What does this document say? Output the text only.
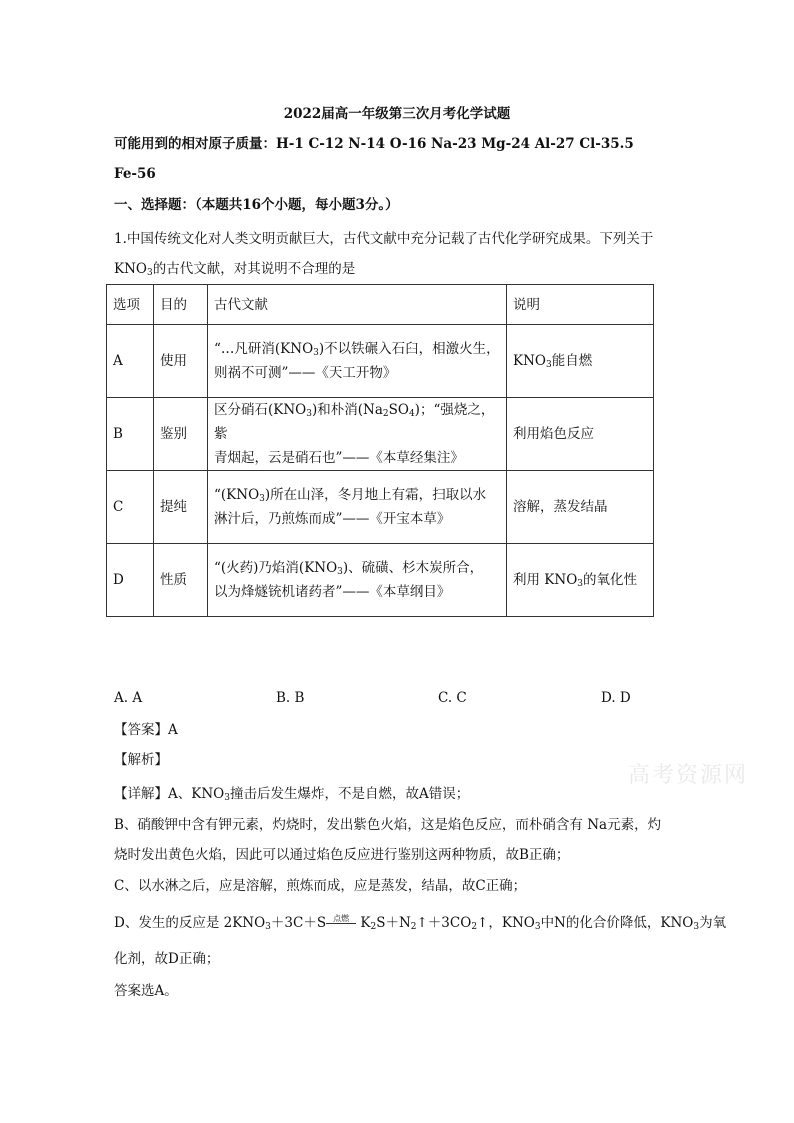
2022届高一年级第三次月考化学试题
可能用到的相对原子质量：H-1 C-12 N-14 O-16 Na-23 Mg-24 Al-27 Cl-35.5
Fe-56
一、选择题：（本题共16个小题，每小题3分。）
1.中国传统文化对人类文明贡献巨大，古代文献中充分记载了古代化学研究成果。下列关于
$KNO_3$的古代文献，对其说明不合理的是
选项	目的	古代文献	说明
A	使用	“…凡研消$(KNO_3)$不以铁碾入石臼，相激火生，
则祸不可测”——《天工开物》	$KNO_3$能自燃
B	鉴别	区分硝石$(KNO_3)$和朴消$(Na_2SO_4)$；“强烧之，紫
青烟起，云是硝石也”——《本草经集注》	利用焰色反应
C	提纯	“$(KNO_3)$所在山泽，冬月地上有霜，扫取以水
淋汁后，乃煎炼而成”——《开宝本草》	溶解，蒸发结晶
D	性质	“(火药)乃焰消$(KNO_3)$、硫磺、杉木炭所合，
以为烽燧铳机诸药者”——《本草纲目》	利用 $KNO_3$的氧化性
A. A	B. B	C. C	D. D
【答案】A
【解析】
高考资源网
【详解】A、$KNO_3$撞击后发生爆炸，不是自燃，故A错误；
B、硝酸钾中含有钾元素，灼烧时，发出紫色火焰，这是焰色反应，而朴硝含有 Na元素，灼
烧时发出黄色火焰，因此可以通过焰色反应进行鉴别这两种物质，故B正确；
C、以水淋之后，应是溶解，煎炼而成，应是蒸发，结晶，故C正确；
D、发生的反应是 $2KNO_3+3C+S$ 点燃 $K_2S+N_2↑+3CO_2↑$，$KNO_3$中N的化合价降低，$KNO_3$为氧
化剂，故D正确；
答案选A。
